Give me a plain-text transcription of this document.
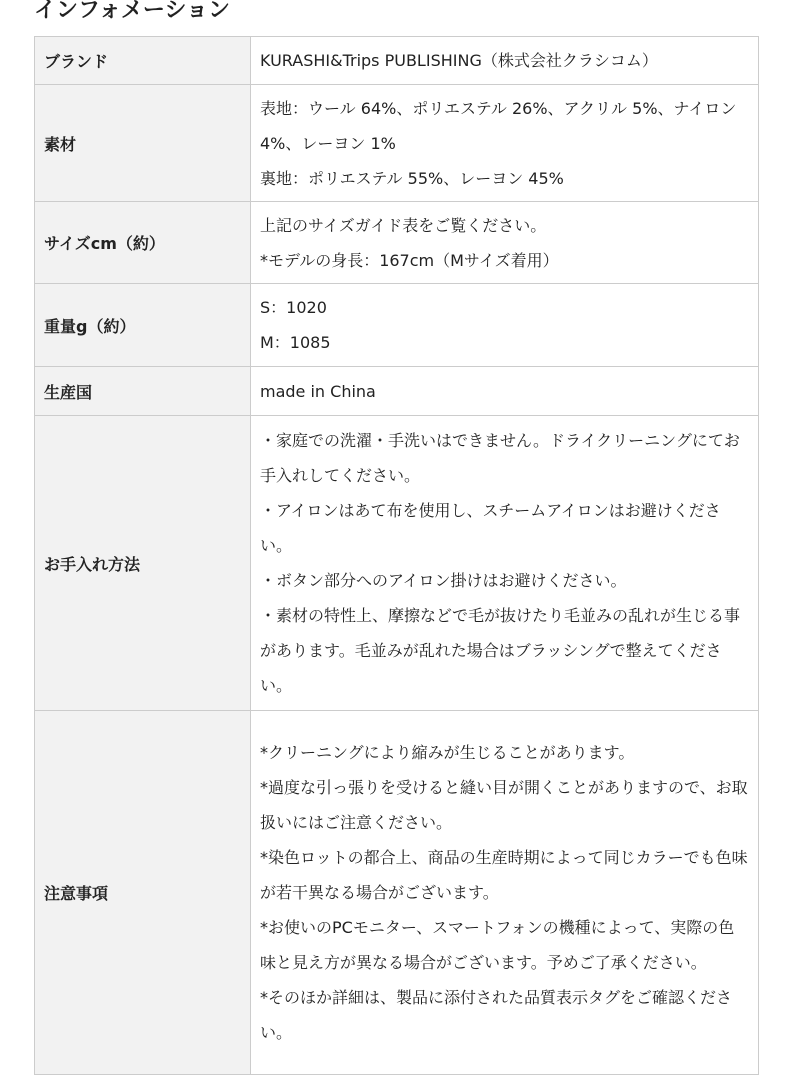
インフォメーション
ブランド	KURASHI&Trips PUBLISHING（株式会社クラシコム）

素材	表地：ウール 64%、ポリエステル 26%、アクリル 5%、ナイロン 4%、レーヨン 1%
裏地：ポリエステル 55%、レーヨン 45%

サイズcm（約）	上記のサイズガイド表をご覧ください。
*モデルの身長：167cm（Mサイズ着用）

重量g（約）	S：1020
M：1085

生産国	made in China

お手入れ方法	・家庭での洗濯・手洗いはできません。ドライクリーニングにてお手入れしてください。
・アイロンはあて布を使用し、スチームアイロンはお避けください。
・ボタン部分へのアイロン掛けはお避けください。
・素材の特性上、摩擦などで毛が抜けたり毛並みの乱れが生じる事があります。毛並みが乱れた場合はブラッシングで整えてください。

注意事項	*クリーニングにより縮みが生じることがあります。
*過度な引っ張りを受けると縫い目が開くことがありますので、お取扱いにはご注意ください。
*染色ロットの都合上、商品の生産時期によって同じカラーでも色味が若干異なる場合がございます。
*お使いのPCモニター、スマートフォンの機種によって、実際の色味と見え方が異なる場合がございます。予めご了承ください。
*そのほか詳細は、製品に添付された品質表示タグをご確認ください。
